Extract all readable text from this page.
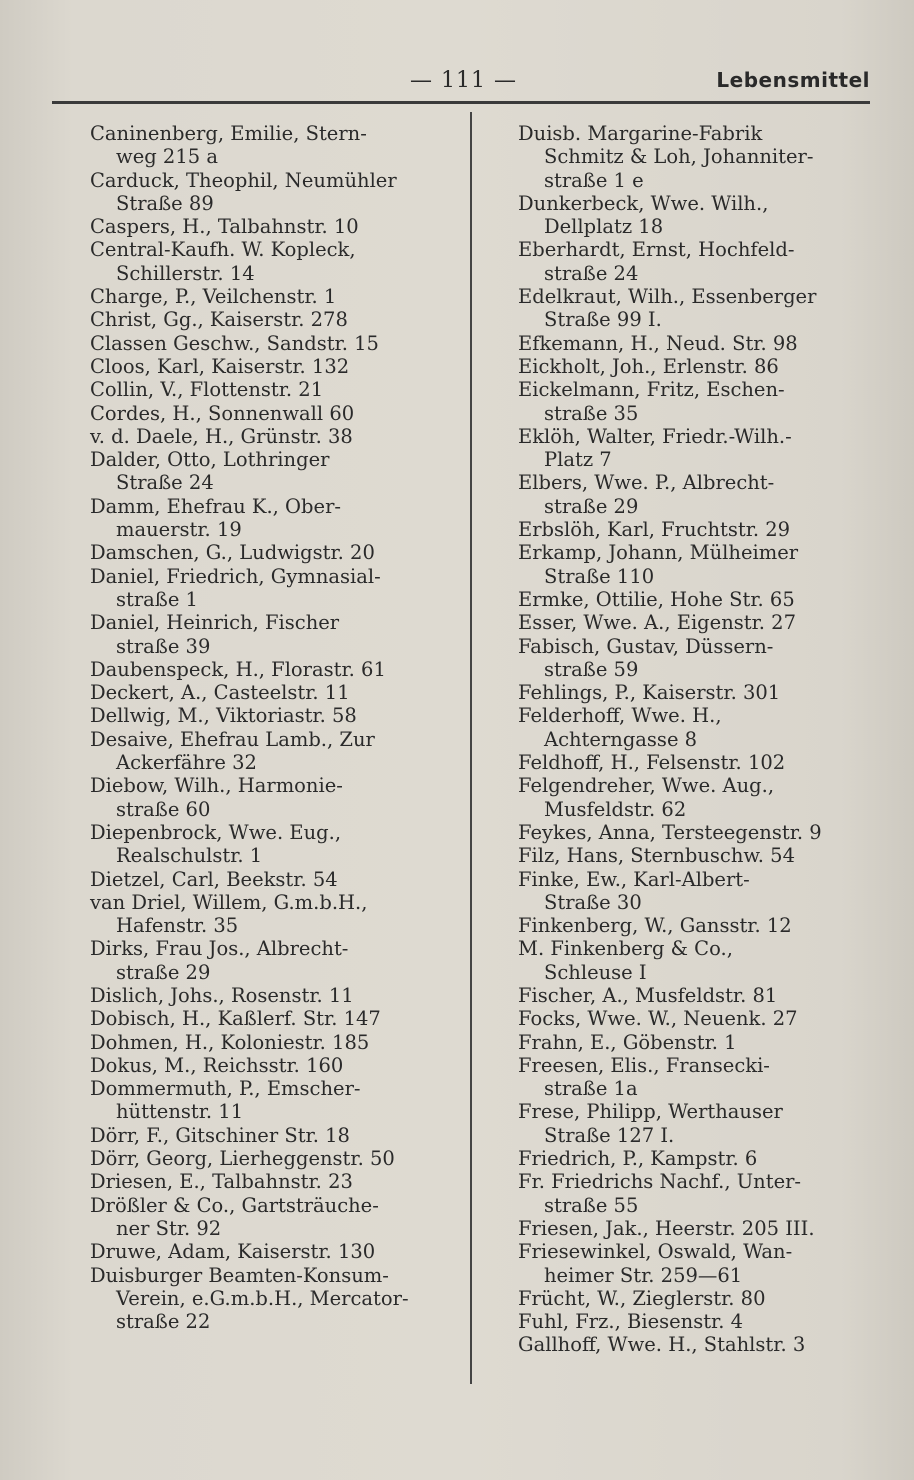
— 111 —	Lebensmittel
Caninenberg, Emilie, Stern-
weg 215 a
Carduck, Theophil, Neumühler
Straße 89
Caspers, H., Talbahnstr. 10
Central-Kaufh. W. Kopleck,
Schillerstr. 14
Charge, P., Veilchenstr. 1
Christ, Gg., Kaiserstr. 278
Classen Geschw., Sandstr. 15
Cloos, Karl, Kaiserstr. 132
Collin, V., Flottenstr. 21
Cordes, H., Sonnenwall 60
v. d. Daele, H., Grünstr. 38
Dalder, Otto, Lothringer
Straße 24
Damm, Ehefrau K., Ober-
mauerstr. 19
Damschen, G., Ludwigstr. 20
Daniel, Friedrich, Gymnasial-
straße 1
Daniel, Heinrich, Fischer
straße 39
Daubenspeck, H., Florastr. 61
Deckert, A., Casteelstr. 11
Dellwig, M., Viktoriastr. 58
Desaive, Ehefrau Lamb., Zur
Ackerfähre 32
Diebow, Wilh., Harmonie-
straße 60
Diepenbrock, Wwe. Eug.,
Realschulstr. 1
Dietzel, Carl, Beekstr. 54
van Driel, Willem, G.m.b.H.,
Hafenstr. 35
Dirks, Frau Jos., Albrecht-
straße 29
Dislich, Johs., Rosenstr. 11
Dobisch, H., Kaßlerf. Str. 147
Dohmen, H., Koloniestr. 185
Dokus, M., Reichsstr. 160
Dommermuth, P., Emscher-
hüttenstr. 11
Dörr, F., Gitschiner Str. 18
Dörr, Georg, Lierheggenstr. 50
Driesen, E., Talbahnstr. 23
Drößler & Co., Gartsträuche-
ner Str. 92
Druwe, Adam, Kaiserstr. 130
Duisburger Beamten-Konsum-
Verein, e.G.m.b.H., Mercator-
straße 22
Duisb. Margarine-Fabrik
Schmitz & Loh, Johanniter-
straße 1 e
Dunkerbeck, Wwe. Wilh.,
Dellplatz 18
Eberhardt, Ernst, Hochfeld-
straße 24
Edelkraut, Wilh., Essenberger
Straße 99 I.
Efkemann, H., Neud. Str. 98
Eickholt, Joh., Erlenstr. 86
Eickelmann, Fritz, Eschen-
straße 35
Eklöh, Walter, Friedr.-Wilh.-
Platz 7
Elbers, Wwe. P., Albrecht-
straße 29
Erbslöh, Karl, Fruchtstr. 29
Erkamp, Johann, Mülheimer
Straße 110
Ermke, Ottilie, Hohe Str. 65
Esser, Wwe. A., Eigenstr. 27
Fabisch, Gustav, Düssern-
straße 59
Fehlings, P., Kaiserstr. 301
Felderhoff, Wwe. H.,
Achterngasse 8
Feldhoff, H., Felsenstr. 102
Felgendreher, Wwe. Aug.,
Musfeldstr. 62
Feykes, Anna, Tersteegenstr. 9
Filz, Hans, Sternbuschw. 54
Finke, Ew., Karl-Albert-
Straße 30
Finkenberg, W., Gansstr. 12
M. Finkenberg & Co.,
Schleuse I
Fischer, A., Musfeldstr. 81
Focks, Wwe. W., Neuenk. 27
Frahn, E., Göbenstr. 1
Freesen, Elis., Fransecki-
straße 1a
Frese, Philipp, Werthauser
Straße 127 I.
Friedrich, P., Kampstr. 6
Fr. Friedrichs Nachf., Unter-
straße 55
Friesen, Jak., Heerstr. 205 III.
Friesewinkel, Oswald, Wan-
heimer Str. 259—61
Frücht, W., Zieglerstr. 80
Fuhl, Frz., Biesenstr. 4
Gallhoff, Wwe. H., Stahlstr. 3
